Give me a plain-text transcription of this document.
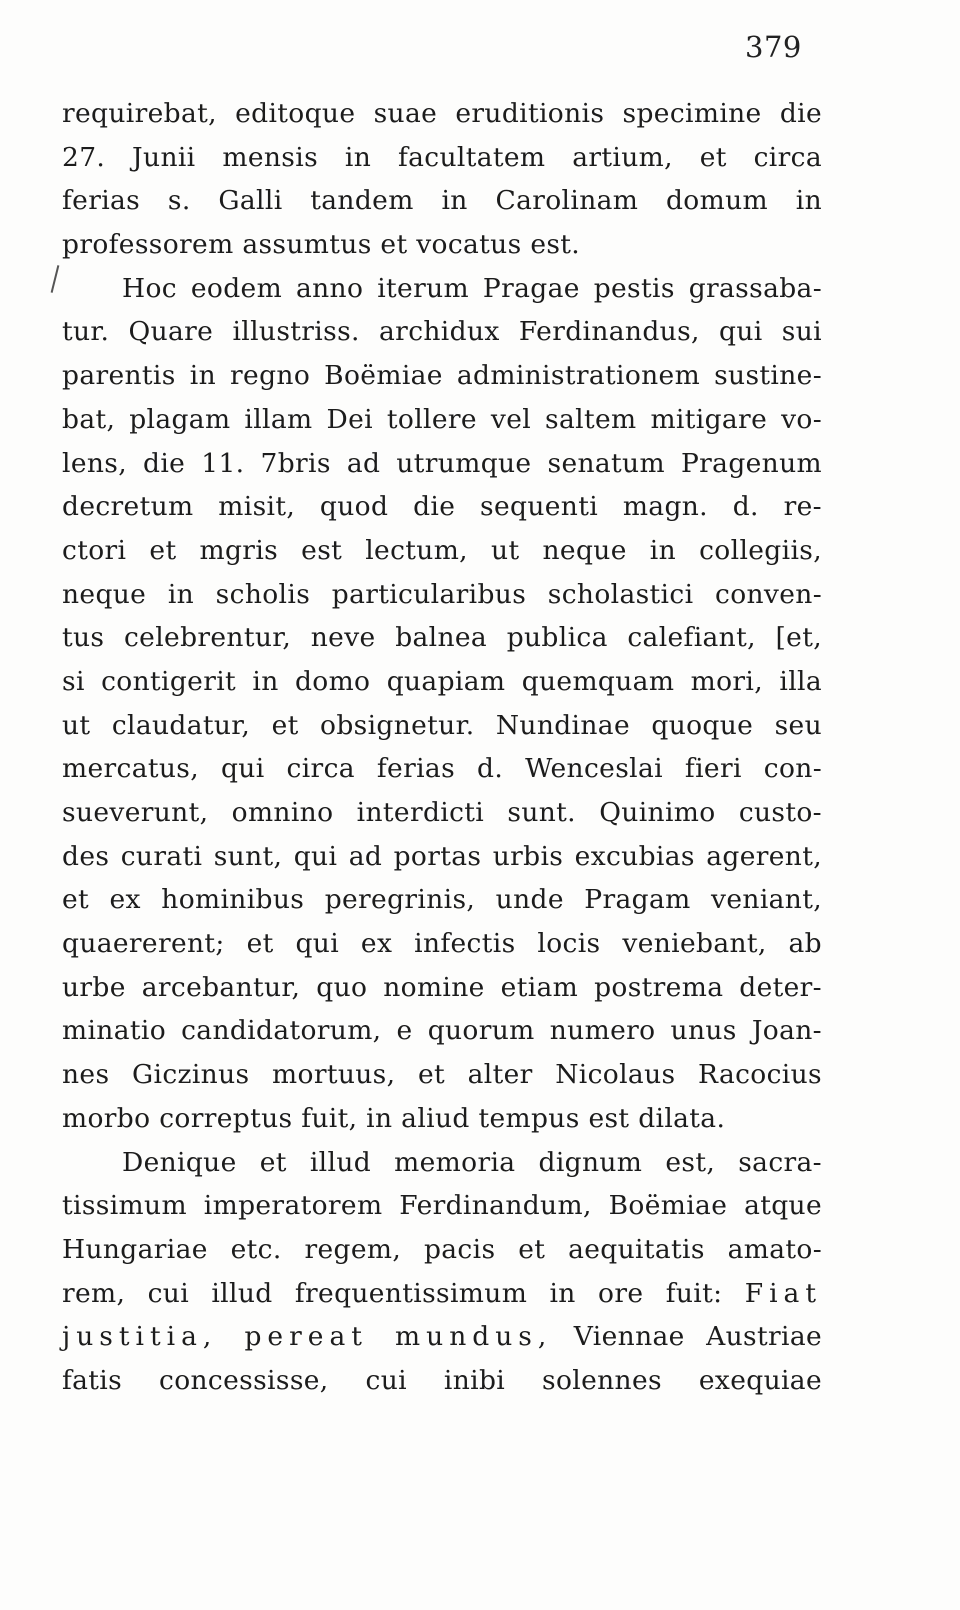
379
requirebat, editoque suae eruditionis specimine die
27. Junii mensis in facultatem artium, et circa
ferias s. Galli tandem in Carolinam domum in
professorem assumtus et vocatus est.
Hoc eodem anno iterum Pragae pestis grassaba-
tur. Quare illustriss. archidux Ferdinandus, qui sui
parentis in regno Boëmiae administrationem sustine-
bat, plagam illam Dei tollere vel saltem mitigare vo-
lens, die 11. 7bris ad utrumque senatum Pragenum
decretum misit, quod die sequenti magn. d. re-
ctori et mgris est lectum, ut neque in collegiis,
neque in scholis particularibus scholastici conven-
tus celebrentur, neve balnea publica calefiant, [et,
si contigerit in domo quapiam quemquam mori, illa
ut claudatur, et obsignetur. Nundinae quoque seu
mercatus, qui circa ferias d. Wenceslai fieri con-
sueverunt, omnino interdicti sunt. Quinimo custo-
des curati sunt, qui ad portas urbis excubias agerent,
et ex hominibus peregrinis, unde Pragam veniant,
quaererent; et qui ex infectis locis veniebant, ab
urbe arcebantur, quo nomine etiam postrema deter-
minatio candidatorum, e quorum numero unus Joan-
nes Giczinus mortuus, et alter Nicolaus Racocius
morbo correptus fuit, in aliud tempus est dilata.
Denique et illud memoria dignum est, sacra-
tissimum imperatorem Ferdinandum, Boëmiae atque
Hungariae etc. regem, pacis et aequitatis amato-
rem, cui illud frequentissimum in ore fuit: Fiat
justitia, pereat mundus, Viennae Austriae
fatis concessisse, cui inibi solennes exequiae
